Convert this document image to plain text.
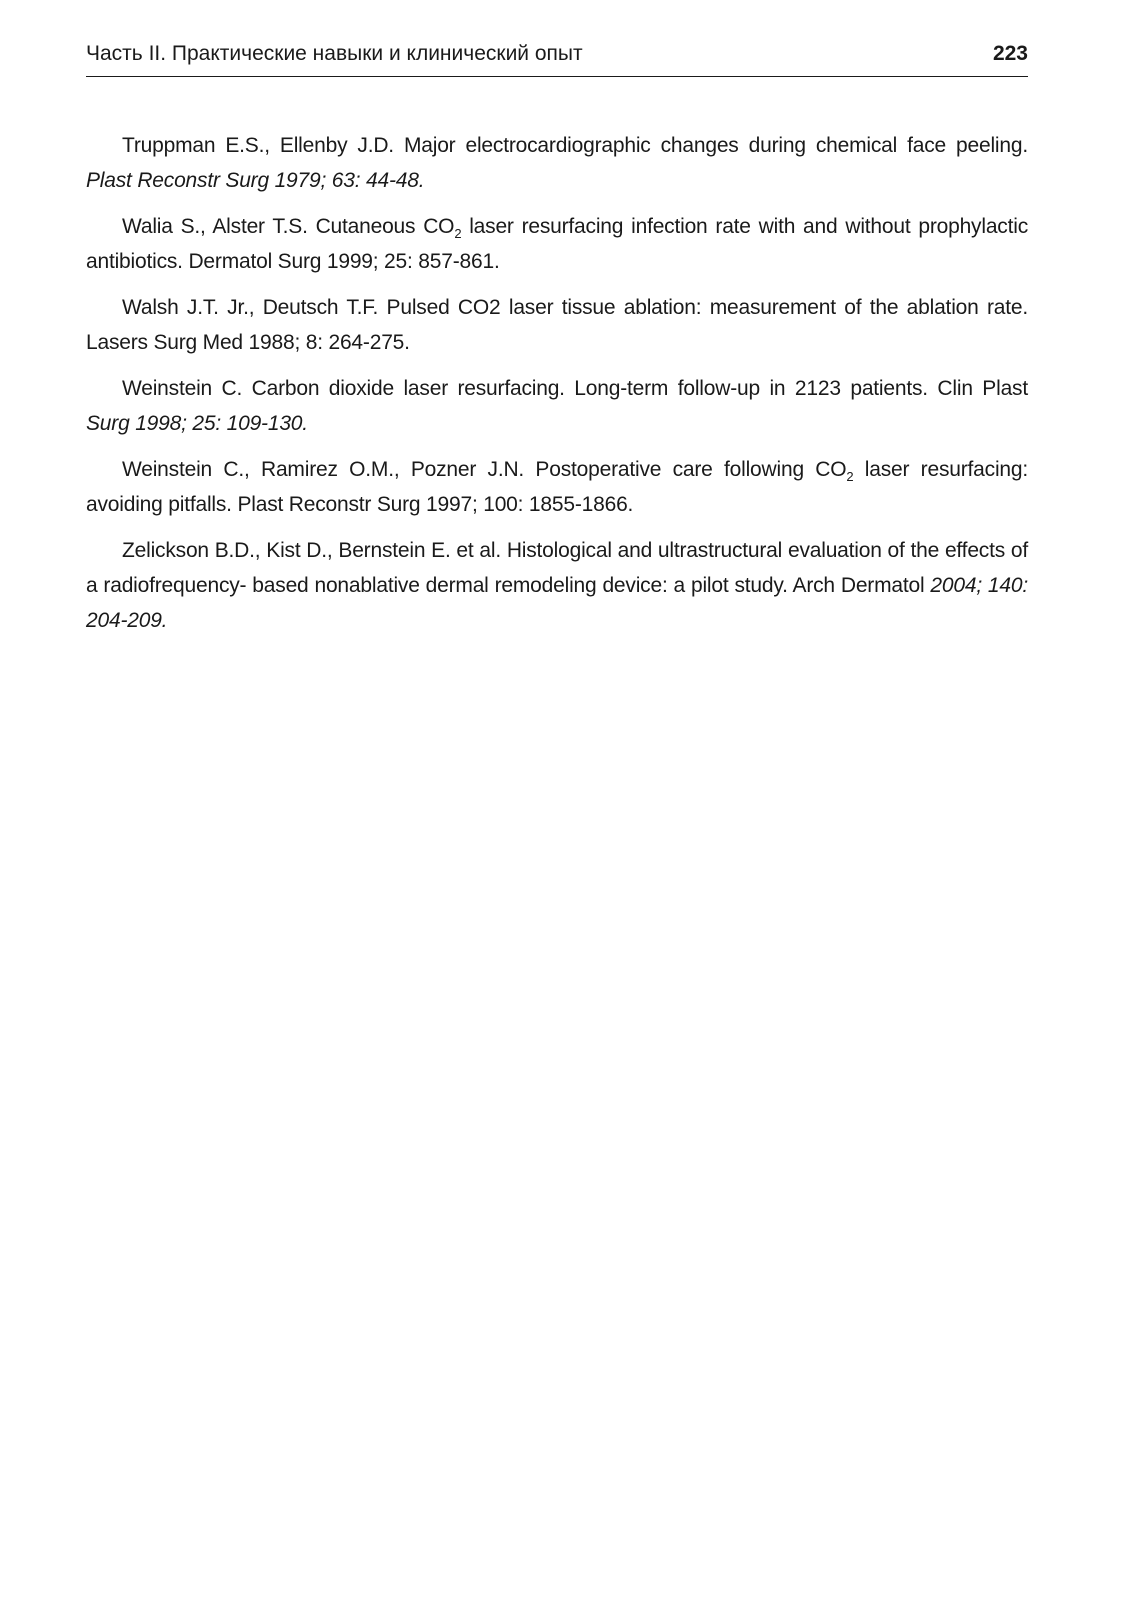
Часть II. Практические навыки и клинический опыт	223

Truppman E.S., Ellenby J.D. Major electrocardiographic changes during chemical face peeling. Plast Reconstr Surg 1979; 63: 44-48.

Walia S., Alster T.S. Cutaneous $CO_2$ laser resurfacing infection rate with and without prophylactic antibiotics. Dermatol Surg 1999; 25: 857-861.

Walsh J.T. Jr., Deutsch T.F. Pulsed CO2 laser tissue ablation: measurement of the ablation rate. Lasers Surg Med 1988; 8: 264-275.

Weinstein C. Carbon dioxide laser resurfacing. Long-term follow-up in 2123 patients. Clin Plast Surg 1998; 25: 109-130.

Weinstein C., Ramirez O.M., Pozner J.N. Postoperative care following $CO_2$ laser resurfacing: avoiding pitfalls. Plast Reconstr Surg 1997; 100: 1855-1866.

Zelickson B.D., Kist D., Bernstein E. et al. Histological and ultrastructural evaluation of the effects of a radiofrequency- based nonablative dermal remodeling device: a pilot study. Arch Dermatol 2004; 140: 204-209.
